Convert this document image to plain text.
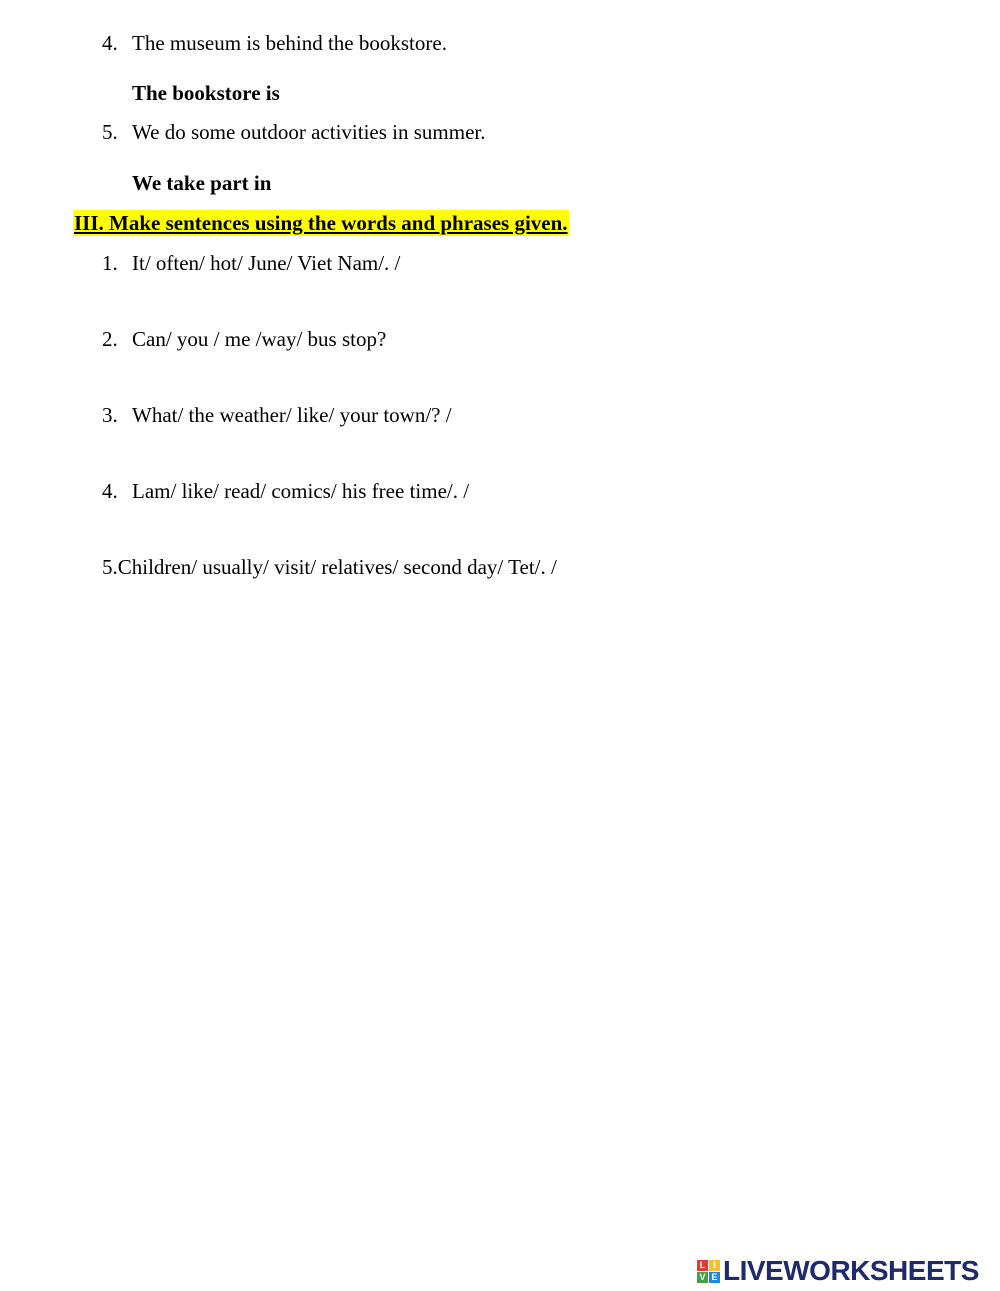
4. The museum is behind the bookstore.
The bookstore is
5. We do some outdoor activities in summer.
We take part in
III. Make sentences using the words and phrases given.
1. It/ often/ hot/ June/ Viet Nam/. /
2. Can/ you / me /way/ bus stop?
3. What/ the weather/ like/ your town/? /
4. Lam/ like/ read/ comics/ his free time/. /
5.Children/ usually/ visit/ relatives/ second day/ Tet/. /
L I
V E LIVEWORKSHEETS
